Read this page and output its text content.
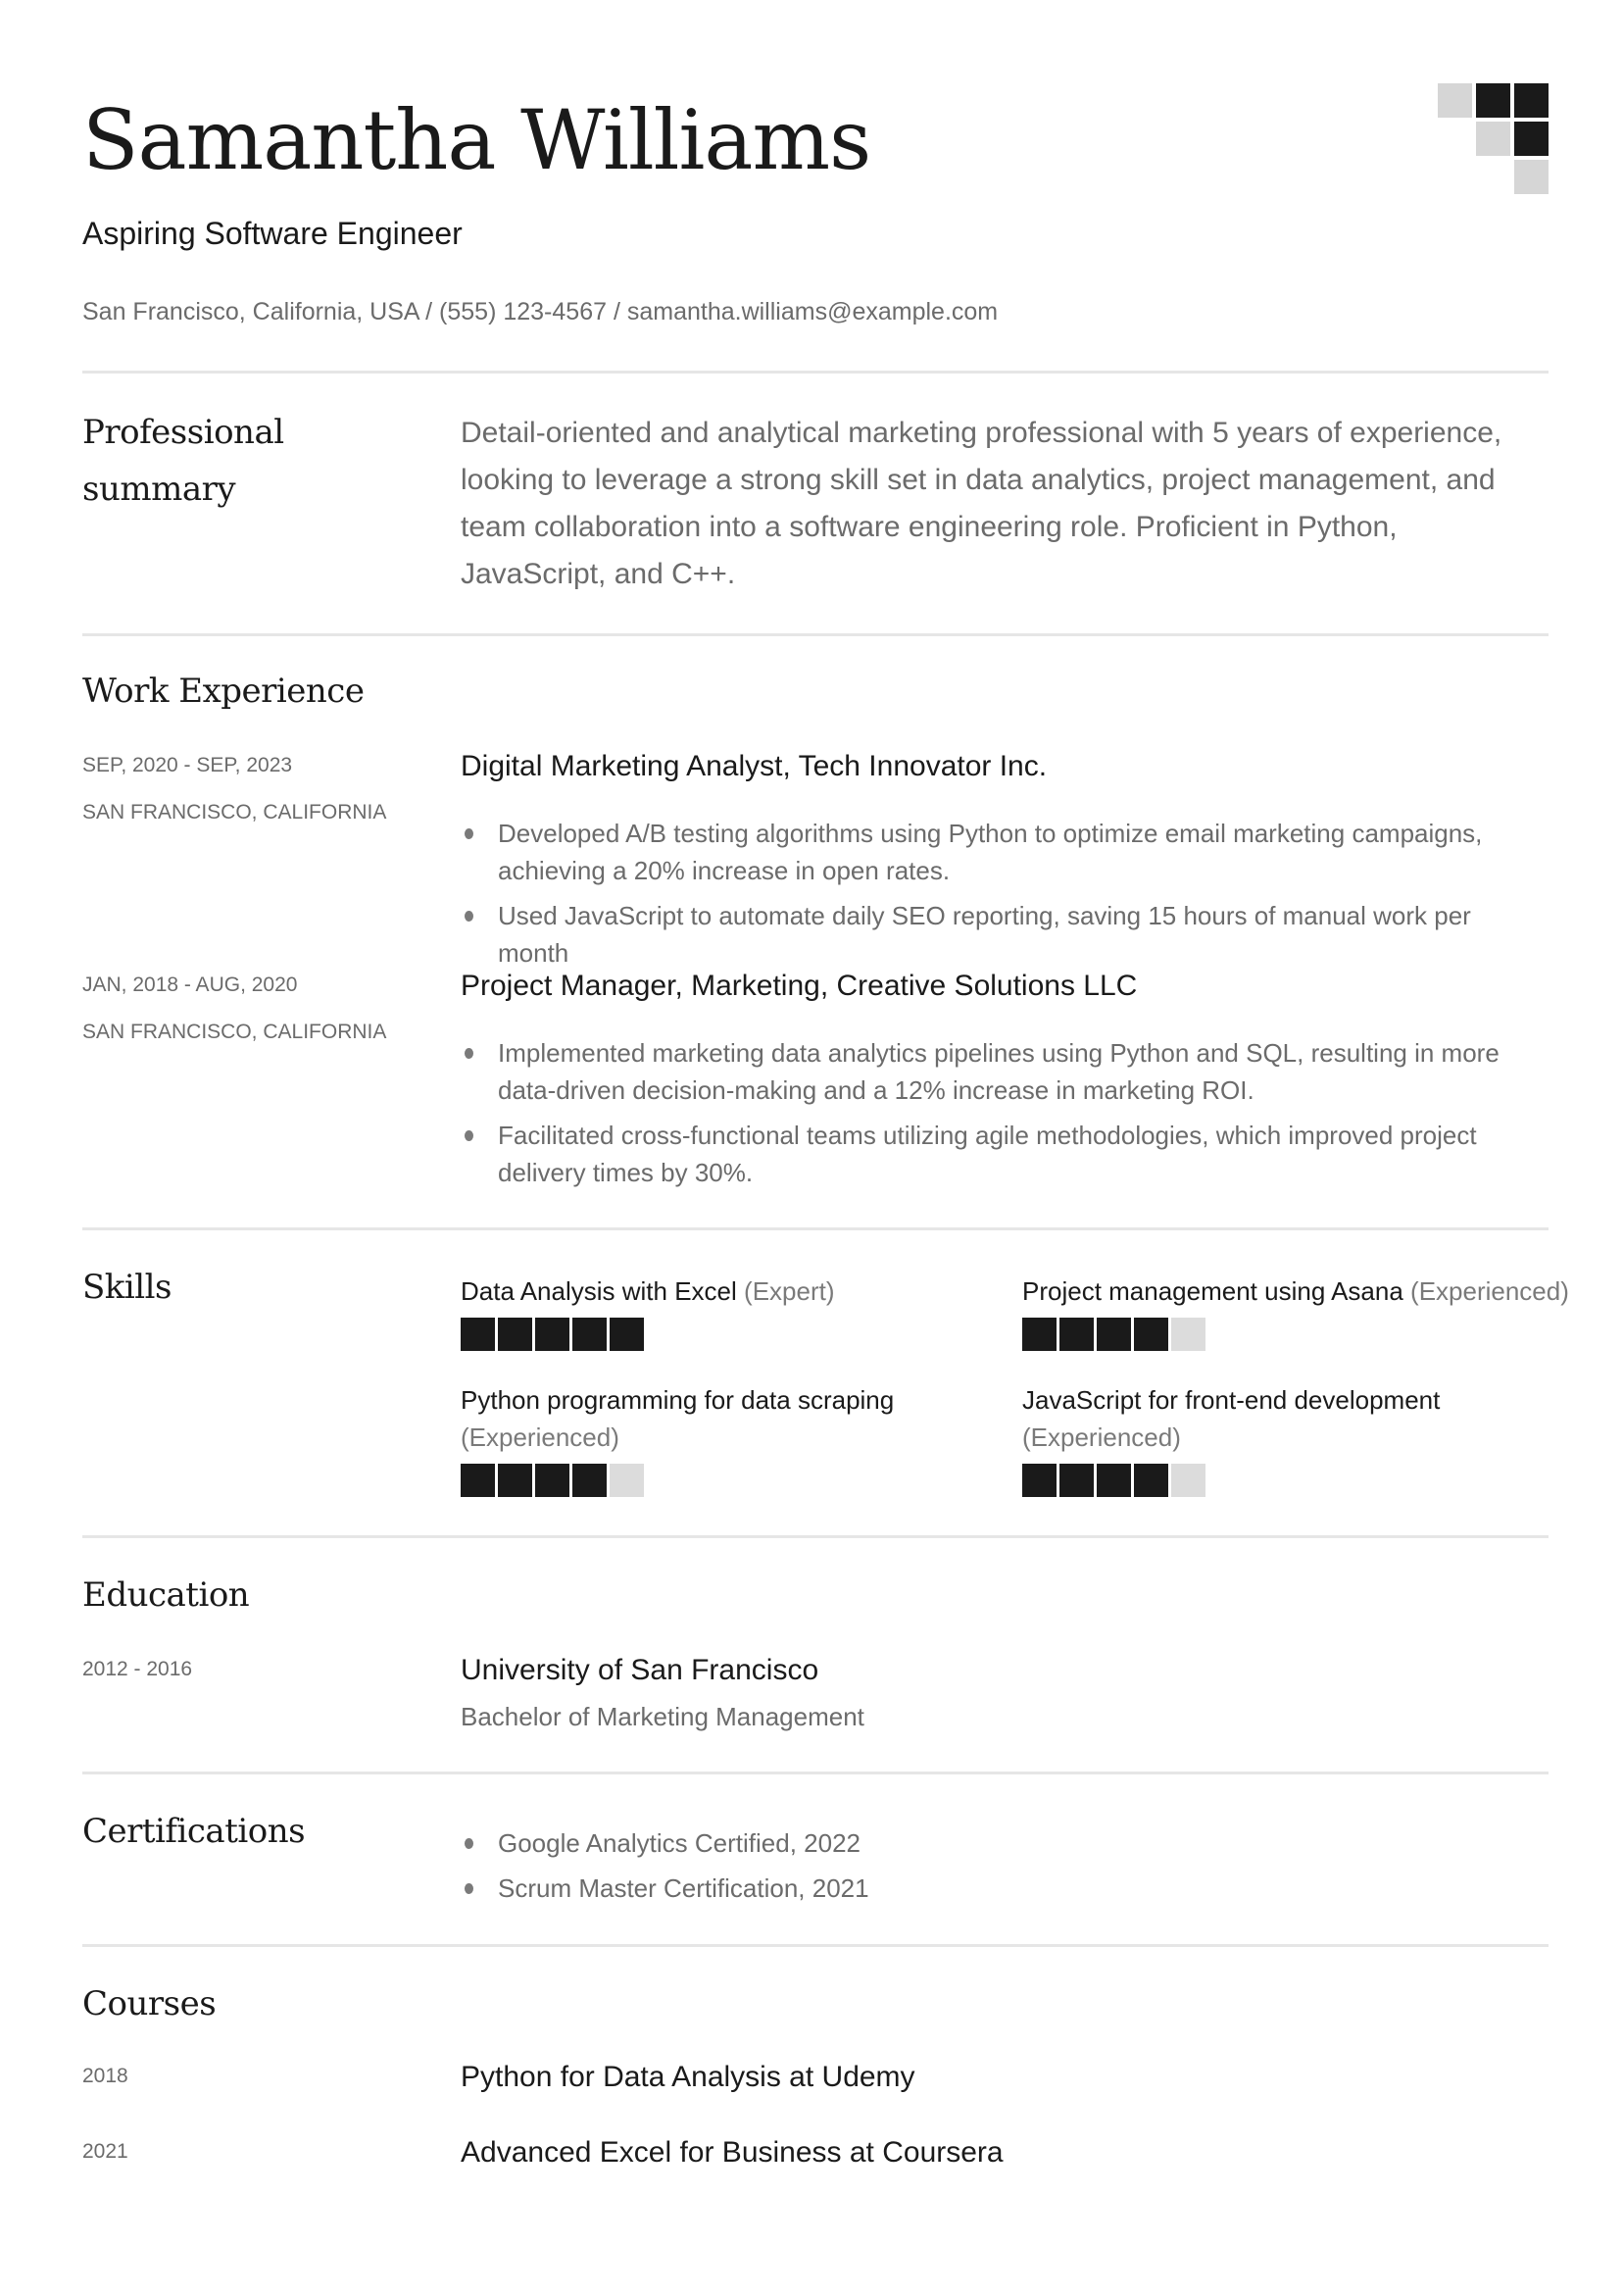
Samantha Williams
Aspiring Software Engineer
San Francisco, California, USA / (555) 123-4567 / samantha.williams@example.com
Professional summary
Detail-oriented and analytical marketing professional with 5 years of experience, looking to leverage a strong skill set in data analytics, project management, and team collaboration into a software engineering role. Proficient in Python, JavaScript, and C++.
Work Experience
SEP, 2020 - SEP, 2023
SAN FRANCISCO, CALIFORNIA
Digital Marketing Analyst, Tech Innovator Inc.
Developed A/B testing algorithms using Python to optimize email marketing campaigns, achieving a 20% increase in open rates.
Used JavaScript to automate daily SEO reporting, saving 15 hours of manual work per month
JAN, 2018 - AUG, 2020
SAN FRANCISCO, CALIFORNIA
Project Manager, Marketing, Creative Solutions LLC
Implemented marketing data analytics pipelines using Python and SQL, resulting in more data-driven decision-making and a 12% increase in marketing ROI.
Facilitated cross-functional teams utilizing agile methodologies, which improved project delivery times by 30%.
Skills	Data Analysis with Excel (Expert)	Project management using Asana (Experienced)
Python programming for data scraping
(Experienced)
JavaScript for front-end development
(Experienced)
Education
2012 - 2016	University of San Francisco
Bachelor of Marketing Management
Certifications	Google Analytics Certified, 2022
Scrum Master Certification, 2021
Courses
2018	Python for Data Analysis at Udemy
2021	Advanced Excel for Business at Coursera
